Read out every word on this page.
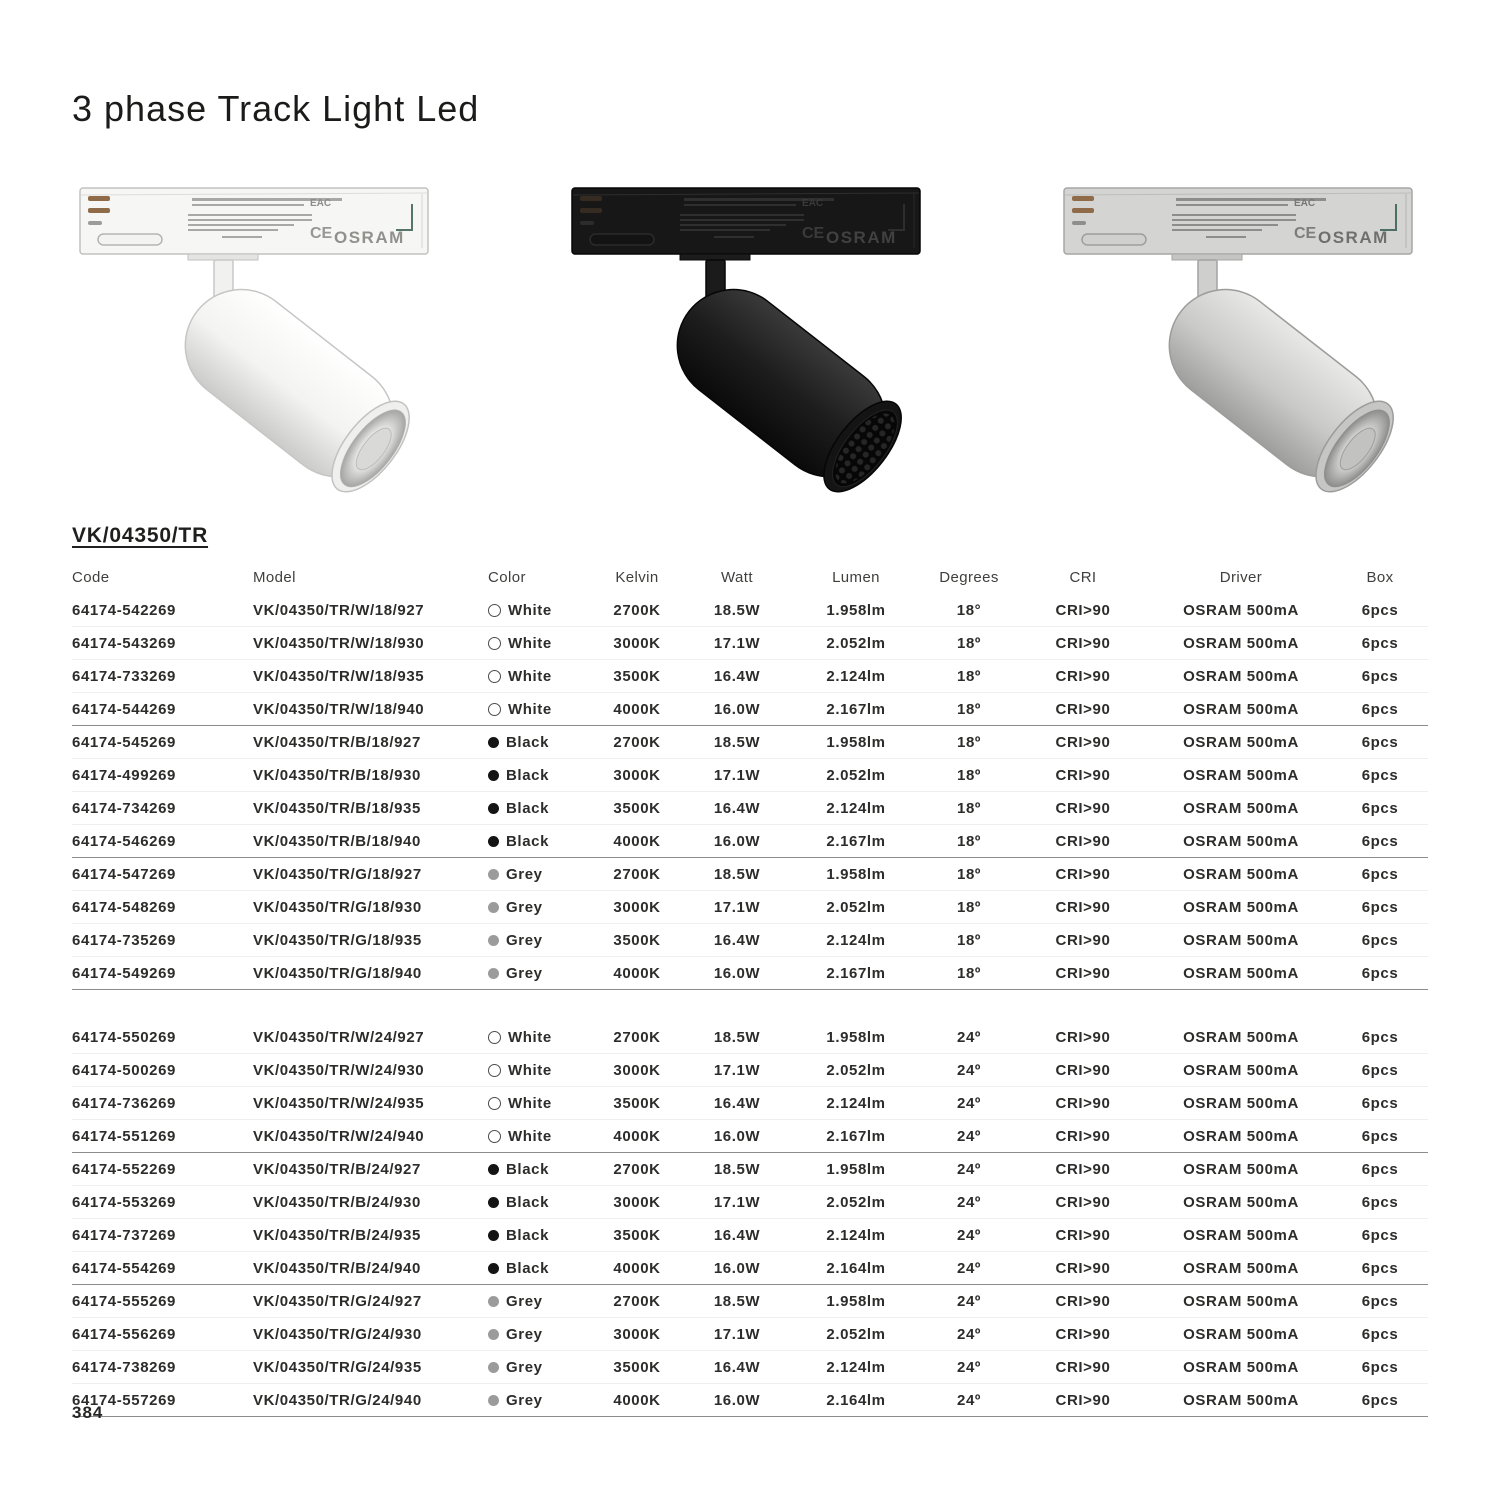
3 phase Track Light Led
EAC
CE OSRAM
EAC
CE OSRAM
EAC
CE OSRAM
VK/04350/TR
Code	Model	Color	Kelvin	Watt	Lumen	Degrees	CRI	Driver	Box
64174-542269	VK/04350/TR/W/18/927	White	2700K	18.5W	1.958lm	18°	CRI>90	OSRAM 500mA	6pcs
64174-543269	VK/04350/TR/W/18/930	White	3000K	17.1W	2.052lm	18º	CRI>90	OSRAM 500mA	6pcs
64174-733269	VK/04350/TR/W/18/935	White	3500K	16.4W	2.124lm	18º	CRI>90	OSRAM 500mA	6pcs
64174-544269	VK/04350/TR/W/18/940	White	4000K	16.0W	2.167lm	18º	CRI>90	OSRAM 500mA	6pcs
64174-545269	VK/04350/TR/B/18/927	Black	2700K	18.5W	1.958lm	18º	CRI>90	OSRAM 500mA	6pcs
64174-499269	VK/04350/TR/B/18/930	Black	3000K	17.1W	2.052lm	18º	CRI>90	OSRAM 500mA	6pcs
64174-734269	VK/04350/TR/B/18/935	Black	3500K	16.4W	2.124lm	18º	CRI>90	OSRAM 500mA	6pcs
64174-546269	VK/04350/TR/B/18/940	Black	4000K	16.0W	2.167lm	18º	CRI>90	OSRAM 500mA	6pcs
64174-547269	VK/04350/TR/G/18/927	Grey	2700K	18.5W	1.958lm	18º	CRI>90	OSRAM 500mA	6pcs
64174-548269	VK/04350/TR/G/18/930	Grey	3000K	17.1W	2.052lm	18º	CRI>90	OSRAM 500mA	6pcs
64174-735269	VK/04350/TR/G/18/935	Grey	3500K	16.4W	2.124lm	18º	CRI>90	OSRAM 500mA	6pcs
64174-549269	VK/04350/TR/G/18/940	Grey	4000K	16.0W	2.167lm	18º	CRI>90	OSRAM 500mA	6pcs
64174-550269	VK/04350/TR/W/24/927	White	2700K	18.5W	1.958lm	24º	CRI>90	OSRAM 500mA	6pcs
64174-500269	VK/04350/TR/W/24/930	White	3000K	17.1W	2.052lm	24º	CRI>90	OSRAM 500mA	6pcs
64174-736269	VK/04350/TR/W/24/935	White	3500K	16.4W	2.124lm	24º	CRI>90	OSRAM 500mA	6pcs
64174-551269	VK/04350/TR/W/24/940	White	4000K	16.0W	2.167lm	24º	CRI>90	OSRAM 500mA	6pcs
64174-552269	VK/04350/TR/B/24/927	Black	2700K	18.5W	1.958lm	24º	CRI>90	OSRAM 500mA	6pcs
64174-553269	VK/04350/TR/B/24/930	Black	3000K	17.1W	2.052lm	24º	CRI>90	OSRAM 500mA	6pcs
64174-737269	VK/04350/TR/B/24/935	Black	3500K	16.4W	2.124lm	24º	CRI>90	OSRAM 500mA	6pcs
64174-554269	VK/04350/TR/B/24/940	Black	4000K	16.0W	2.164lm	24º	CRI>90	OSRAM 500mA	6pcs
64174-555269	VK/04350/TR/G/24/927	Grey	2700K	18.5W	1.958lm	24º	CRI>90	OSRAM 500mA	6pcs
64174-556269	VK/04350/TR/G/24/930	Grey	3000K	17.1W	2.052lm	24º	CRI>90	OSRAM 500mA	6pcs
64174-738269	VK/04350/TR/G/24/935	Grey	3500K	16.4W	2.124lm	24º	CRI>90	OSRAM 500mA	6pcs
64174-557269	VK/04350/TR/G/24/940	Grey	4000K	16.0W	2.164lm	24º	CRI>90	OSRAM 500mA	6pcs
384
